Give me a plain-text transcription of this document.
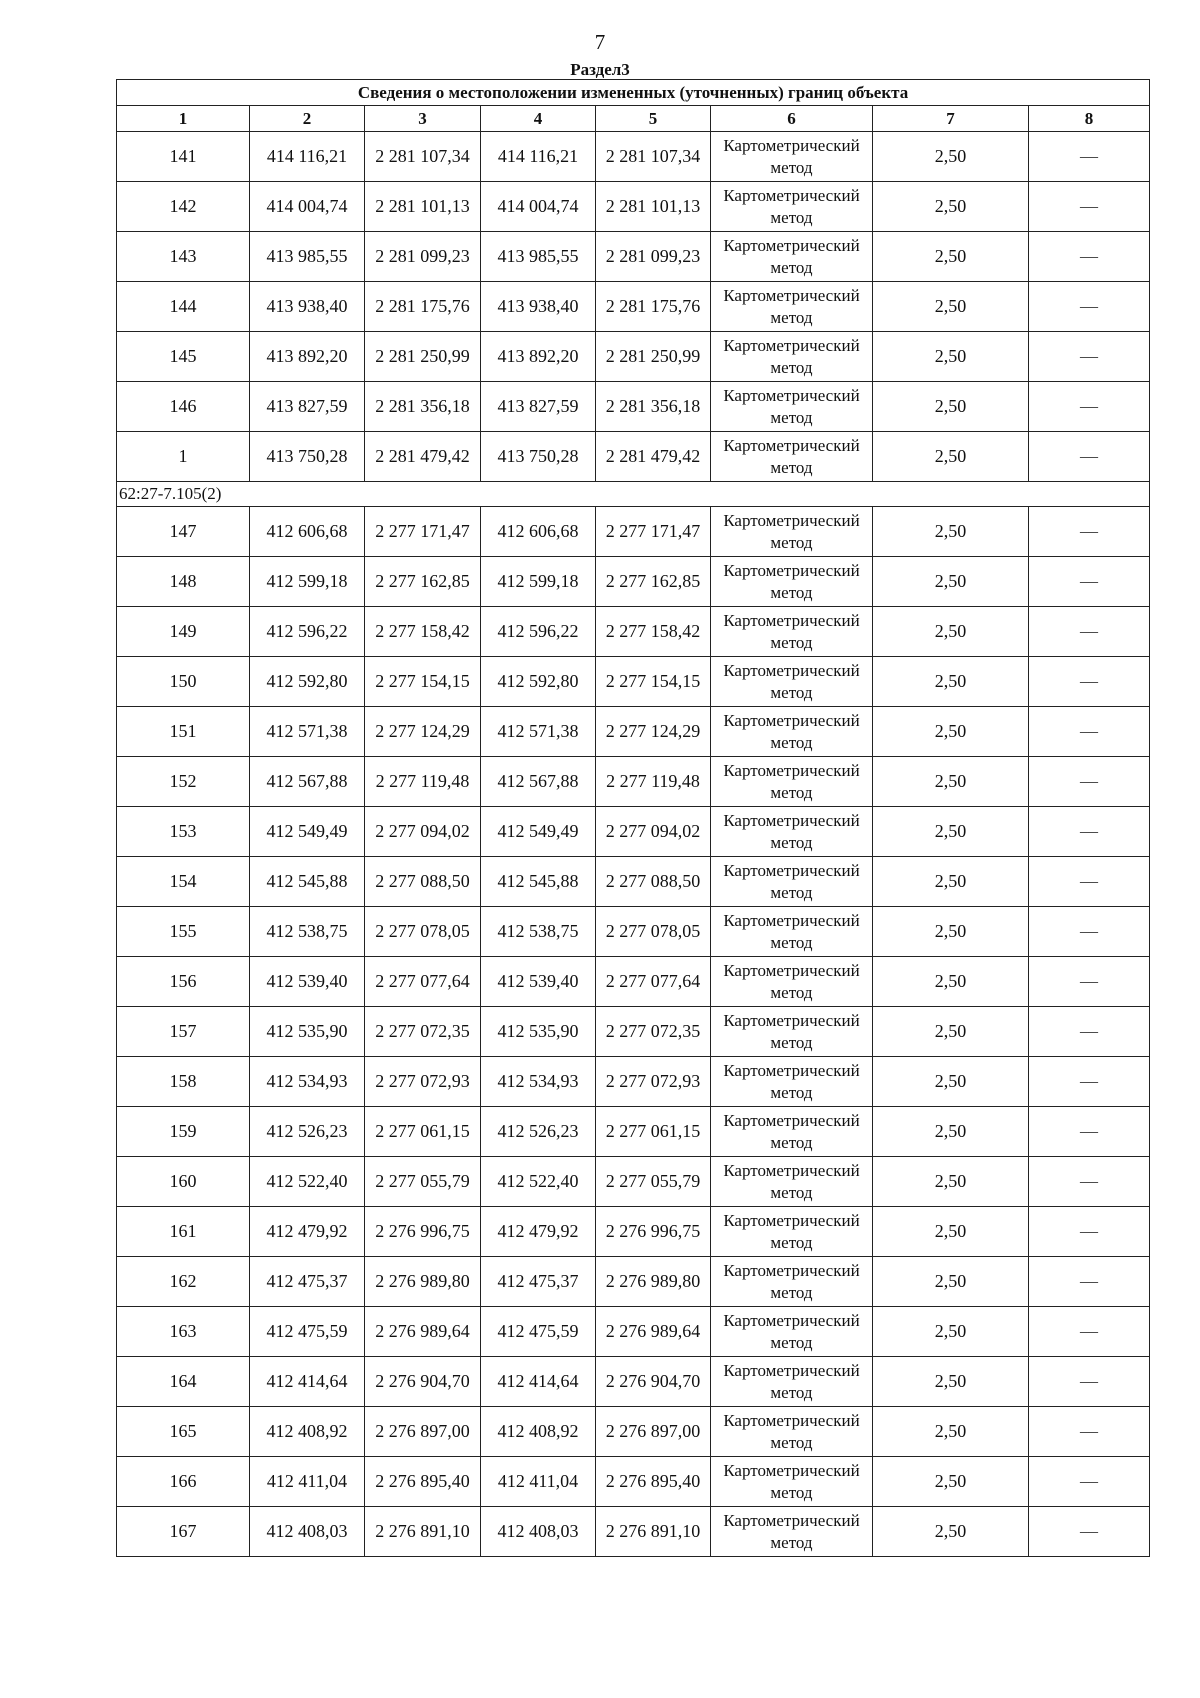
7
Раздел3
Сведения о местоположении измененных (уточненных) границ объекта							
1	2	3	4	5	6	7	8
141	414 116,21	2 281 107,34	414 116,21	2 281 107,34	Картометрический метод	2,50	—
142	414 004,74	2 281 101,13	414 004,74	2 281 101,13	Картометрический метод	2,50	—
143	413 985,55	2 281 099,23	413 985,55	2 281 099,23	Картометрический метод	2,50	—
144	413 938,40	2 281 175,76	413 938,40	2 281 175,76	Картометрический метод	2,50	—
145	413 892,20	2 281 250,99	413 892,20	2 281 250,99	Картометрический метод	2,50	—
146	413 827,59	2 281 356,18	413 827,59	2 281 356,18	Картометрический метод	2,50	—
1	413 750,28	2 281 479,42	413 750,28	2 281 479,42	Картометрический метод	2,50	—
62:27-7.105(2)							
147	412 606,68	2 277 171,47	412 606,68	2 277 171,47	Картометрический метод	2,50	—
148	412 599,18	2 277 162,85	412 599,18	2 277 162,85	Картометрический метод	2,50	—
149	412 596,22	2 277 158,42	412 596,22	2 277 158,42	Картометрический метод	2,50	—
150	412 592,80	2 277 154,15	412 592,80	2 277 154,15	Картометрический метод	2,50	—
151	412 571,38	2 277 124,29	412 571,38	2 277 124,29	Картометрический метод	2,50	—
152	412 567,88	2 277 119,48	412 567,88	2 277 119,48	Картометрический метод	2,50	—
153	412 549,49	2 277 094,02	412 549,49	2 277 094,02	Картометрический метод	2,50	—
154	412 545,88	2 277 088,50	412 545,88	2 277 088,50	Картометрический метод	2,50	—
155	412 538,75	2 277 078,05	412 538,75	2 277 078,05	Картометрический метод	2,50	—
156	412 539,40	2 277 077,64	412 539,40	2 277 077,64	Картометрический метод	2,50	—
157	412 535,90	2 277 072,35	412 535,90	2 277 072,35	Картометрический метод	2,50	—
158	412 534,93	2 277 072,93	412 534,93	2 277 072,93	Картометрический метод	2,50	—
159	412 526,23	2 277 061,15	412 526,23	2 277 061,15	Картометрический метод	2,50	—
160	412 522,40	2 277 055,79	412 522,40	2 277 055,79	Картометрический метод	2,50	—
161	412 479,92	2 276 996,75	412 479,92	2 276 996,75	Картометрический метод	2,50	—
162	412 475,37	2 276 989,80	412 475,37	2 276 989,80	Картометрический метод	2,50	—
163	412 475,59	2 276 989,64	412 475,59	2 276 989,64	Картометрический метод	2,50	—
164	412 414,64	2 276 904,70	412 414,64	2 276 904,70	Картометрический метод	2,50	—
165	412 408,92	2 276 897,00	412 408,92	2 276 897,00	Картометрический метод	2,50	—
166	412 411,04	2 276 895,40	412 411,04	2 276 895,40	Картометрический метод	2,50	—
167	412 408,03	2 276 891,10	412 408,03	2 276 891,10	Картометрический метод	2,50	—
